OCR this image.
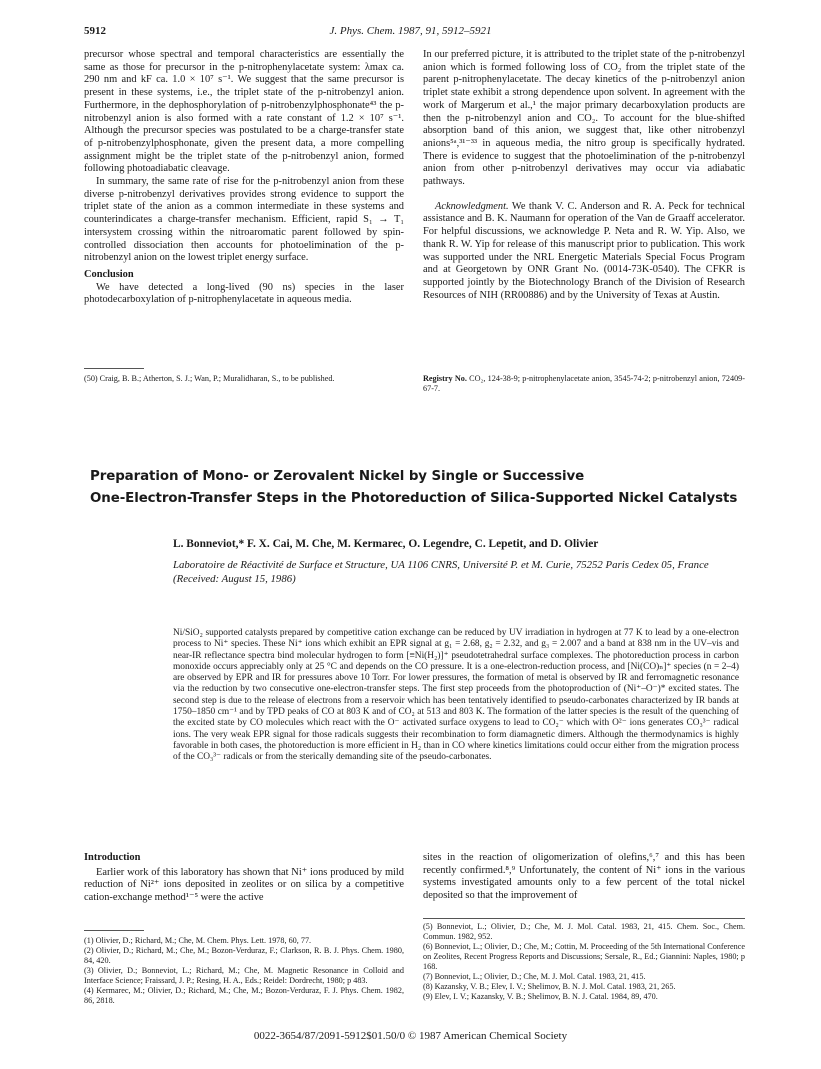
5912	J. Phys. Chem. 1987, 91, 5912–5921

precursor whose spectral and temporal characteristics are essentially the same as those for precursor in the p-nitrophenylacetate system: λmax ca. 290 nm and kF ca. 1.0 × 10⁷ s⁻¹. We suggest that the same precursor is present in these systems, i.e., the triplet state of the p-nitrobenzyl anion. Furthermore, in the dephosphorylation of p-nitrobenzylphosphonate⁴³ the p-nitrobenzyl anion is also formed with a rate constant of 1.2 × 10⁷ s⁻¹. Although the precursor species was postulated to be a charge-transfer state of p-nitrobenzylphosphonate, given the present data, a more compelling assignment might be the triplet state of the p-nitrobenzyl anion, formed following photoadiabatic cleavage.

In summary, the same rate of rise for the p-nitrobenzyl anion from these diverse p-nitrobenzyl derivatives provides strong evidence to support the triplet state of the anion as a common intermediate in these systems and counterindicates a charge-transfer mechanism. Efficient, rapid S₁ → T₁ intersystem crossing within the nitroaromatic parent followed by spin-controlled dissociation then accounts for photoelimination of the p-nitrobenzyl anion on the lowest triplet energy surface.

Conclusion

We have detected a long-lived (90 ns) species in the laser photodecarboxylation of p-nitrophenylacetate in aqueous media.

(50) Craig, B. B.; Atherton, S. J.; Wan, P.; Muralidharan, S., to be published.

In our preferred picture, it is attributed to the triplet state of the p-nitrobenzyl anion which is formed following loss of CO₂ from the triplet state of the parent p-nitrophenylacetate. The decay kinetics of the p-nitrobenzyl anion triplet state exhibit a strong dependence upon solvent. In agreement with the work of Margerum et al.,¹ the major primary decarboxylation products are then the p-nitrobenzyl anion and CO₂. To account for the blue-shifted absorption band of this anion, we suggest that, like other nitrobenzyl anions⁵ᵃ,³¹⁻³³ in aqueous media, the nitro group is specifically hydrated. There is evidence to suggest that the photoelimination of the p-nitrobenzyl anion from other p-nitrobenzyl derivatives may occur via adiabatic pathways.

Acknowledgment. We thank V. C. Anderson and R. A. Peck for technical assistance and B. K. Naumann for operation of the Van de Graaff accelerator. For helpful discussions, we acknowledge P. Neta and R. W. Yip. Also, we thank R. W. Yip for release of this manuscript prior to publication. This work was supported under the NRL Energetic Materials Special Focus Program and at Georgetown by ONR Grant No. (0014-73K-0540). The CFKR is supported jointly by the Biotechnology Branch of the Division of Research Resources of NIH (RR00886) and by the University of Texas at Austin.

Registry No. CO₂, 124-38-9; p-nitrophenylacetate anion, 3545-74-2; p-nitrobenzyl anion, 72409-67-7.
Preparation of Mono- or Zerovalent Nickel by Single or Successive
One-Electron-Transfer Steps in the Photoreduction of Silica-Supported Nickel Catalysts
L. Bonneviot,* F. X. Cai, M. Che, M. Kermarec, O. Legendre, C. Lepetit, and D. Olivier
Laboratoire de Réactivité de Surface et Structure, UA 1106 CNRS, Université P. et M. Curie, 75252 Paris Cedex 05, France (Received: August 15, 1986)
Ni/SiO₂ supported catalysts prepared by competitive cation exchange can be reduced by UV irradiation in hydrogen at 77 K to lead by a one-electron process to Ni⁺ species. These Ni⁺ ions which exhibit an EPR signal at g₁ = 2.68, g₂ = 2.32, and g₃ = 2.007 and a band at 838 nm in the UV–vis and near-IR reflectance spectra bind molecular hydrogen to form [≡Ni(H₂)]⁺ pseudotetrahedral surface complexes. The photoreduction process in carbon monoxide occurs appreciably only at 25 °C and depends on the CO pressure. It is a one-electron-reduction process, and [Ni(CO)ₙ]⁺ species (n = 2–4) are observed by EPR and IR for pressures above 10 Torr. For lower pressures, the formation of metal is observed by IR and ferromagnetic resonance via the reduction by two consecutive one-electron-transfer steps. The first step proceeds from the photoproduction of (Ni⁺–O⁻)* excited states. The second step is due to the release of electrons from a reservoir which has been tentatively identified to pseudo-carbonates characterized by IR bands at 1750–1850 cm⁻¹ and by TPD peaks of CO at 803 K and of CO₂ at 513 and 803 K. The formation of the latter species is the result of the quenching of the excited state by CO molecules which react with the O⁻ activated surface oxygens to lead to CO₂⁻ which with O²⁻ ions generates CO₃³⁻ radical ions. The very weak EPR signal for those radicals suggests their recombination to form diamagnetic dimers. Although the thermodynamics is highly favorable in both cases, the photoreduction is more efficient in H₂ than in CO where kinetics limitations could occur either from the migration process of the CO₃³⁻ radicals or from the sterically demanding site of the pseudo-carbonates.

Introduction

Earlier work of this laboratory has shown that Ni⁺ ions produced by mild reduction of Ni²⁺ ions deposited in zeolites or on silica by a competitive cation-exchange method¹⁻⁵ were the active

(1) Olivier, D.; Richard, M.; Che, M. Chem. Phys. Lett. 1978, 60, 77.

(2) Olivier, D.; Richard, M.; Che, M.; Bozon-Verduraz, F.; Clarkson, R. B. J. Phys. Chem. 1980, 84, 420.

(3) Olivier, D.; Bonneviot, L.; Richard, M.; Che, M. Magnetic Resonance in Colloid and Interface Science; Fraissard, J. P.; Resing, H. A., Eds.; Reidel: Dordrecht, 1980; p 483.

(4) Kermarec, M.; Olivier, D.; Richard, M.; Che, M.; Bozon-Verduraz, F. J. Phys. Chem. 1982, 86, 2818.

sites in the reaction of oligomerization of olefins,⁶,⁷ and this has been recently confirmed.⁸,⁹ Unfortunately, the content of Ni⁺ ions in the various systems investigated amounts only to a few percent of the total nickel deposited so that the improvement of

(5) Bonneviot, L.; Olivier, D.; Che, M. J. Mol. Catal. 1983, 21, 415. Chem. Soc., Chem. Commun. 1982, 952.

(6) Bonneviot, L.; Olivier, D.; Che, M.; Cottin, M. Proceeding of the 5th International Conference on Zeolites, Recent Progress Reports and Discussions; Sersale, R., Ed.; Giannini: Naples, 1980; p 168.

(7) Bonneviot, L.; Olivier, D.; Che, M. J. Mol. Catal. 1983, 21, 415.

(8) Kazansky, V. B.; Elev, I. V.; Shelimov, B. N. J. Mol. Catal. 1983, 21, 265.

(9) Elev, I. V.; Kazansky, V. B.; Shelimov, B. N. J. Catal. 1984, 89, 470.

0022-3654/87/2091-5912$01.50/0 © 1987 American Chemical Society
